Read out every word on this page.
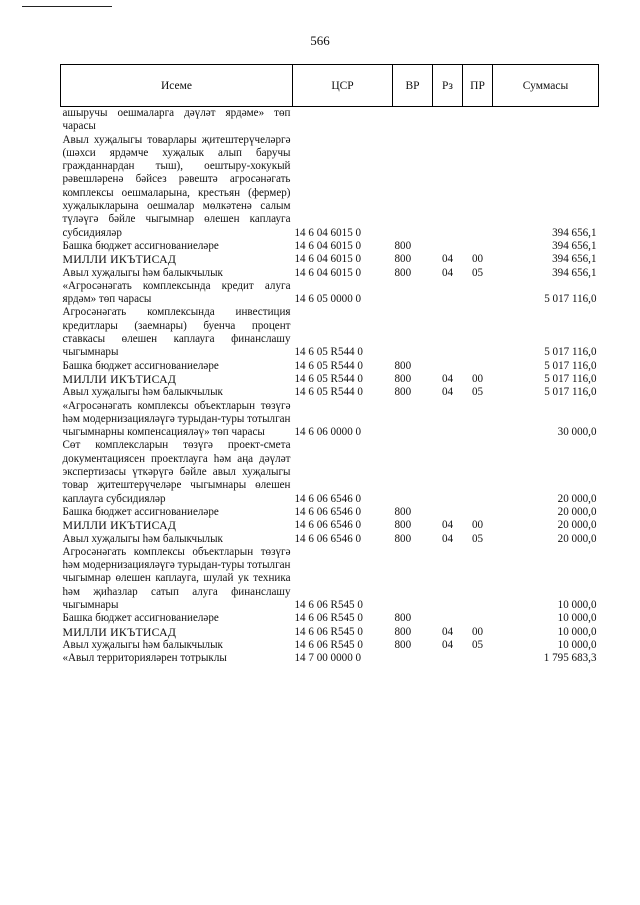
566
Исеме	ЦСР	ВР	Рз	ПР	Суммасы
ашыручы оешмаларга дәүләт ярдәме» төп чарасы					
Авыл хуҗалыгы товарлары җитештерүчеләргә (шәхси ярдәмче хуҗалык алып баручы гражданнардан тыш), оештыру-хокукый рәвешләренә бәйсез рәвештә агросәнәгать комплексы оешмаларына, крестьян (фермер) хуҗалыкларына оешмалар мөлкәтенә салым түләүгә бәйле чыгымнар өлешен каплауга субсидияләр	14 6 04 6015 0				394 656,1
Башка бюджет ассигнованиеләре	14 6 04 6015 0	800			394 656,1
МИЛЛИ ИКЪТИСАД	14 6 04 6015 0	800	04	00	394 656,1
Авыл хуҗалыгы һәм балыкчылык	14 6 04 6015 0	800	04	05	394 656,1
«Агросәнәгать комплексында кредит алуга ярдәм» төп чарасы	14 6 05 0000 0				5 017 116,0
Агросәнәгать комплексында инвестиция кредитлары (заемнары) буенча процент ставкасы өлешен каплауга финанслашу чыгымнары	14 6 05 R544 0				5 017 116,0
Башка бюджет ассигнованиеләре	14 6 05 R544 0	800			5 017 116,0
МИЛЛИ ИКЪТИСАД	14 6 05 R544 0	800	04	00	5 017 116,0
Авыл хуҗалыгы һәм балыкчылык	14 6 05 R544 0	800	04	05	5 017 116,0
«Агросәнәгать комплексы объектларын төзүгә һәм модернизацияләүгә турыдан-туры тотылган чыгымнарны компенсацияләү» төп чарасы	14 6 06 0000 0				30 000,0
Сөт комплексларын төзүгә проект-смета документациясен проектлауга һәм аңа дәүләт экспертизасы үткәрүгә бәйле авыл хуҗалыгы товар җитештерүчеләре чыгымнары өлешен каплауга субсидияләр	14 6 06 6546 0				20 000,0
Башка бюджет ассигнованиеләре	14 6 06 6546 0	800			20 000,0
МИЛЛИ ИКЪТИСАД	14 6 06 6546 0	800	04	00	20 000,0
Авыл хуҗалыгы һәм балыкчылык	14 6 06 6546 0	800	04	05	20 000,0
Агросәнәгать комплексы объектларын төзүгә һәм модернизацияләүгә турыдан-туры тотылган чыгымнар өлешен каплауга, шулай ук техника һәм җиһазлар сатып алуга финанслашу чыгымнары	14 6 06 R545 0				10 000,0
Башка бюджет ассигнованиеләре	14 6 06 R545 0	800			10 000,0
МИЛЛИ ИКЪТИСАД	14 6 06 R545 0	800	04	00	10 000,0
Авыл хуҗалыгы һәм балыкчылык	14 6 06 R545 0	800	04	05	10 000,0
«Авыл территорияләрен тотрыклы	14 7 00 0000 0				1 795 683,3
